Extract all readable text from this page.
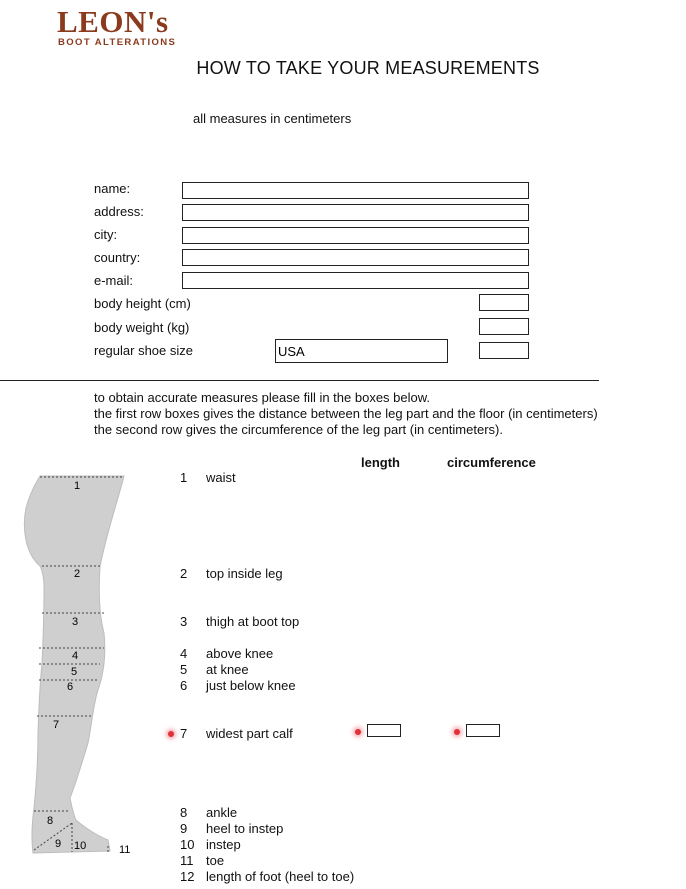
LEON's
BOOT ALTERATIONS
HOW TO TAKE YOUR MEASUREMENTS
all measures in centimeters
name:
address:
city:
country:
e-mail:
body height (cm)
body weight (kg)
regular shoe size
USA
to obtain accurate measures please fill in the boxes below.
the first row boxes gives the distance between the leg part and the floor (in centimeters)
the second row gives the circumference of the leg part (in centimeters).
length	circumference
1
2
3
4
5
6
7
8
9 10	11
1 waist
2 top inside leg
3 thigh at boot top
4 above knee
5 at knee
6 just below knee
7 widest part calf
8 ankle
9 heel to instep
10 instep
11 toe
12 length of foot (heel to toe)
